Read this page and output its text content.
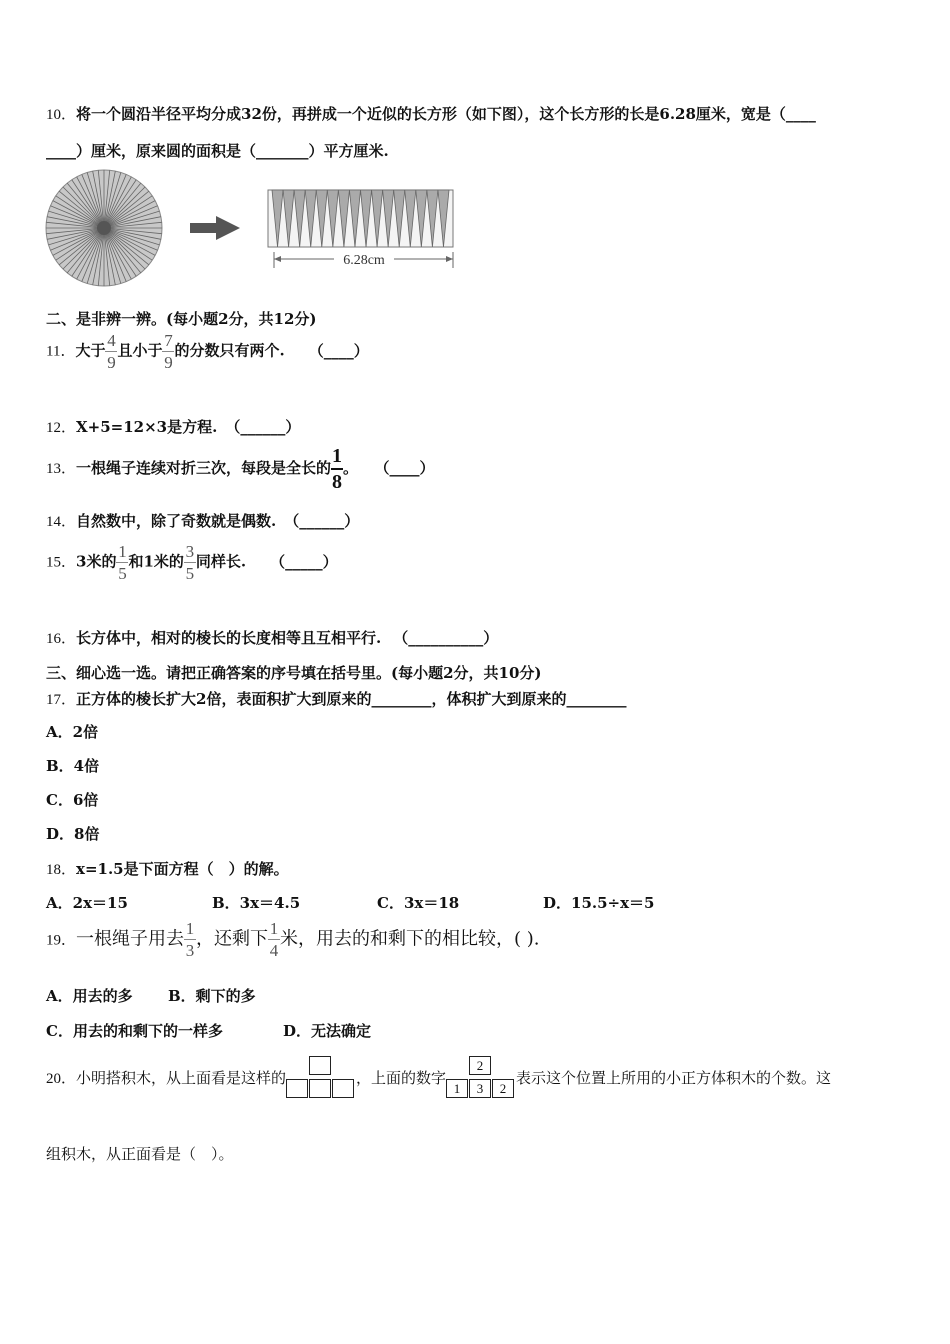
10．将一个圆沿半径平均分成32份，再拼成一个近似的长方形（如下图），这个长方形的长是6.28厘米，宽是（____
____）厘米，原来圆的面积是（_______）平方厘米.
6.28cm
二、是非辨一辨。(每小题2分，共12分)
11．大于 $\frac{4}{9}$ 且小于 $\frac{7}{9}$ 的分数只有两个. （____）
12．X+5=12×3是方程. （______）
13．一根绳子连续对折三次，每段是全长的 $\frac{1}{8}$ 。 （____）
14．自然数中，除了奇数就是偶数. （______）
15．3米的 $\frac{1}{5}$ 和1米的 $\frac{3}{5}$ 同样长. （_____）
16．长方体中，相对的棱长的长度相等且互相平行. （__________）
三、细心选一选。请把正确答案的序号填在括号里。(每小题2分，共10分)
17．正方体的棱长扩大2倍，表面积扩大到原来的________，体积扩大到原来的________
A．2倍
B．4倍
C．6倍
D．8倍
18．x=1.5是下面方程（　）的解。
A．2x＝15	B．3x＝4.5	C．3x＝18	D．15.5÷x＝5
19．一根绳子用去 $\frac{1}{3}$ ，还剩下 $\frac{1}{4}$ 米，用去的和剩下的相比较，( ).
A．用去的多 B．剩下的多
C．用去的和剩下的一样多	D．无法确定
20．小明搭积木，从上面看是这样的	，上面的数字
2
1	3	2
表示这个位置上所用的小正方体积木的个数。这
组积木，从正面看是（　）。
